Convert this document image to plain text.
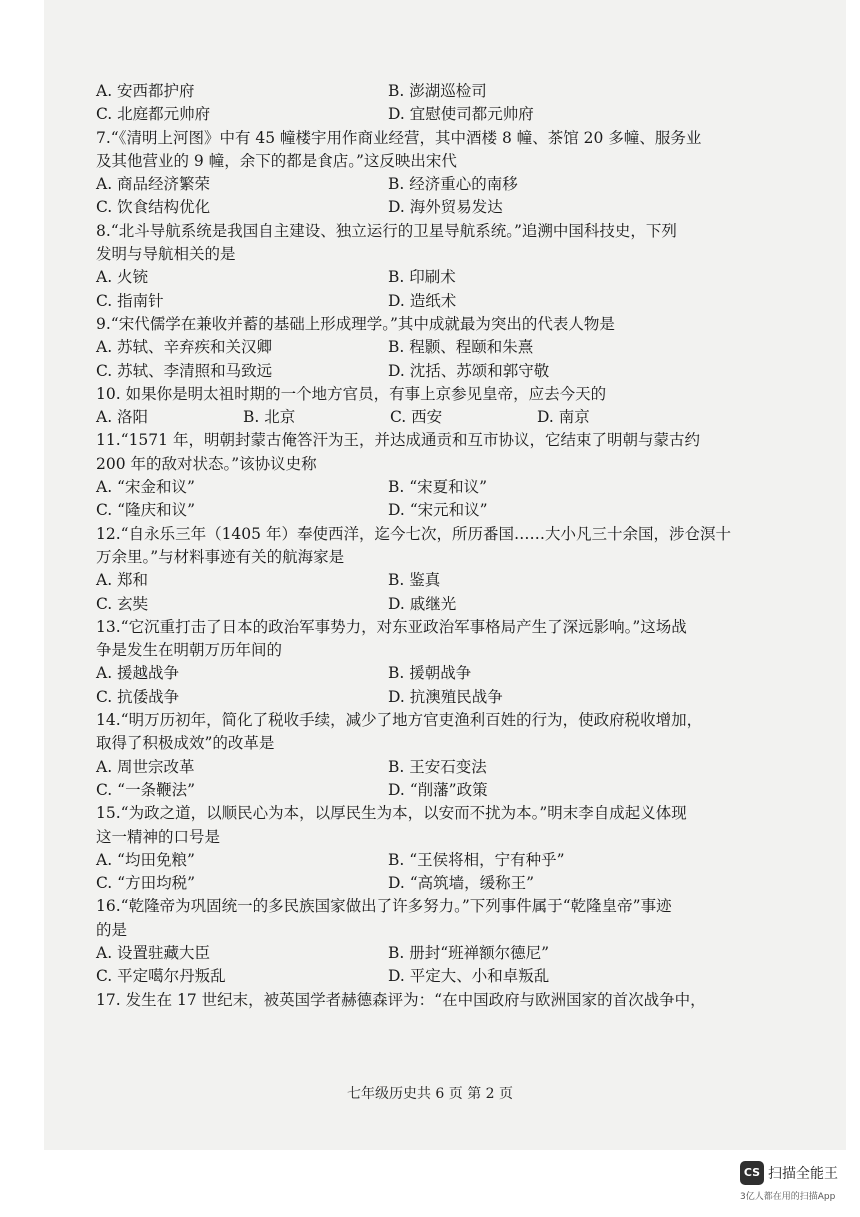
A. 安西都护府	B. 澎湖巡检司
C. 北庭都元帅府	D. 宜慰使司都元帅府
7.“《清明上河图》中有 45 幢楼宇用作商业经营，其中酒楼 8 幢、茶馆 20 多幢、服务业
及其他营业的 9 幢，余下的都是食店。”这反映出宋代
A. 商品经济繁荣	B. 经济重心的南移
C. 饮食结构优化	D. 海外贸易发达
8.“北斗导航系统是我国自主建设、独立运行的卫星导航系统。”追溯中国科技史，下列
发明与导航相关的是
A. 火铳	B. 印刷术
C. 指南针	D. 造纸术
9.“宋代儒学在兼收并蓄的基础上形成理学。”其中成就最为突出的代表人物是
A. 苏轼、辛弃疾和关汉卿	B. 程颢、程颐和朱熹
C. 苏轼、李清照和马致远	D. 沈括、苏颂和郭守敬
10. 如果你是明太祖时期的一个地方官员，有事上京参见皇帝，应去今天的
A. 洛阳	B. 北京	C. 西安	D. 南京
11.“1571 年，明朝封蒙古俺答汗为王，并达成通贡和互市协议，它结束了明朝与蒙古约
200 年的敌对状态。”该协议史称
A. “宋金和议”	B. “宋夏和议”
C. “隆庆和议”	D. “宋元和议”
12.“自永乐三年（1405 年）奉使西洋，迄今七次，所历番国……大小凡三十余国，涉仓溟十
万余里。”与材料事迹有关的航海家是
A. 郑和	B. 鉴真
C. 玄奘	D. 戚继光
13.“它沉重打击了日本的政治军事势力，对东亚政治军事格局产生了深远影响。”这场战
争是发生在明朝万历年间的
A. 援越战争	B. 援朝战争
C. 抗倭战争	D. 抗澳殖民战争
14.“明万历初年，简化了税收手续，减少了地方官吏渔利百姓的行为，使政府税收增加，
取得了积极成效”的改革是
A. 周世宗改革	B. 王安石变法
C. “一条鞭法”	D. “削藩”政策
15.“为政之道，以顺民心为本，以厚民生为本，以安而不扰为本。”明末李自成起义体现
这一精神的口号是
A. “均田免粮”	B. “王侯将相，宁有种乎”
C. “方田均税”	D. “高筑墙，缓称王”
16.“乾隆帝为巩固统一的多民族国家做出了许多努力。”下列事件属于“乾隆皇帝”事迹
的是
A. 设置驻藏大臣	B. 册封“班禅额尔德尼”
C. 平定噶尔丹叛乱	D. 平定大、小和卓叛乱
17. 发生在 17 世纪末，被英国学者赫德森评为：“在中国政府与欧洲国家的首次战争中，
七年级历史共 6 页 第 2 页
CS 扫描全能王
3亿人都在用的扫描App
